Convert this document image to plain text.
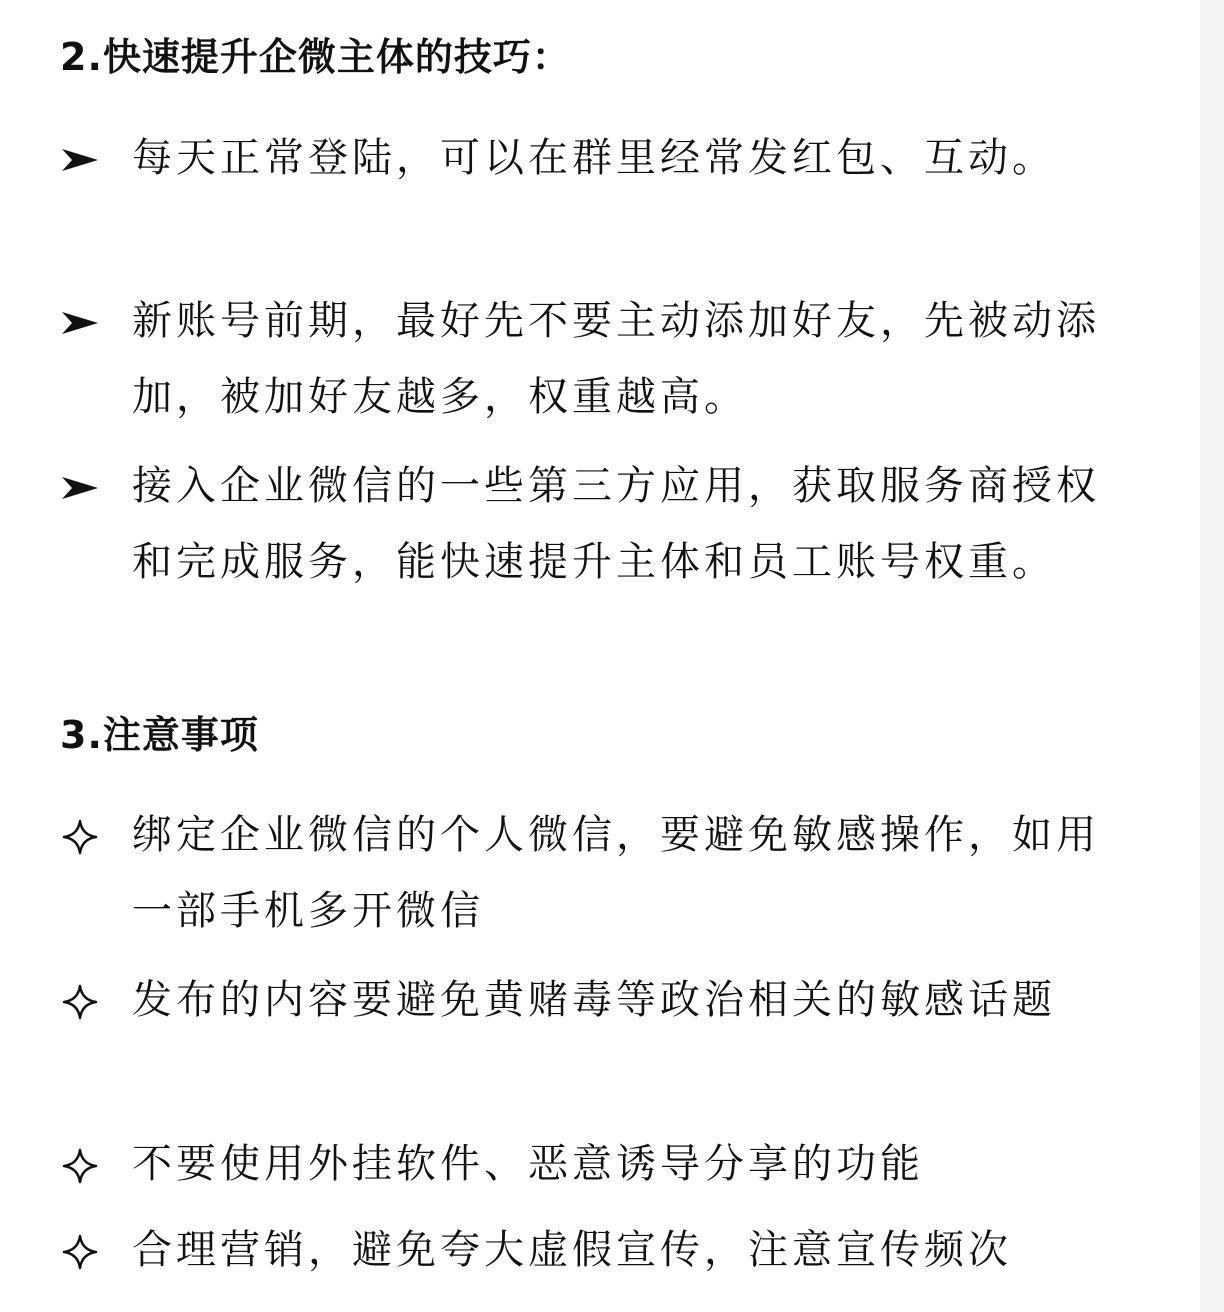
2.快速提升企微主体的技巧：
每天正常登陆，可以在群里经常发红包、互动。
新账号前期，最好先不要主动添加好友，先被动添加，被加好友越多，权重越高。
接入企业微信的一些第三方应用，获取服务商授权和完成服务，能快速提升主体和员工账号权重。
3.注意事项
绑定企业微信的个人微信，要避免敏感操作，如用一部手机多开微信
发布的内容要避免黄赌毒等政治相关的敏感话题
不要使用外挂软件、恶意诱导分享的功能
合理营销，避免夸大虚假宣传，注意宣传频次
